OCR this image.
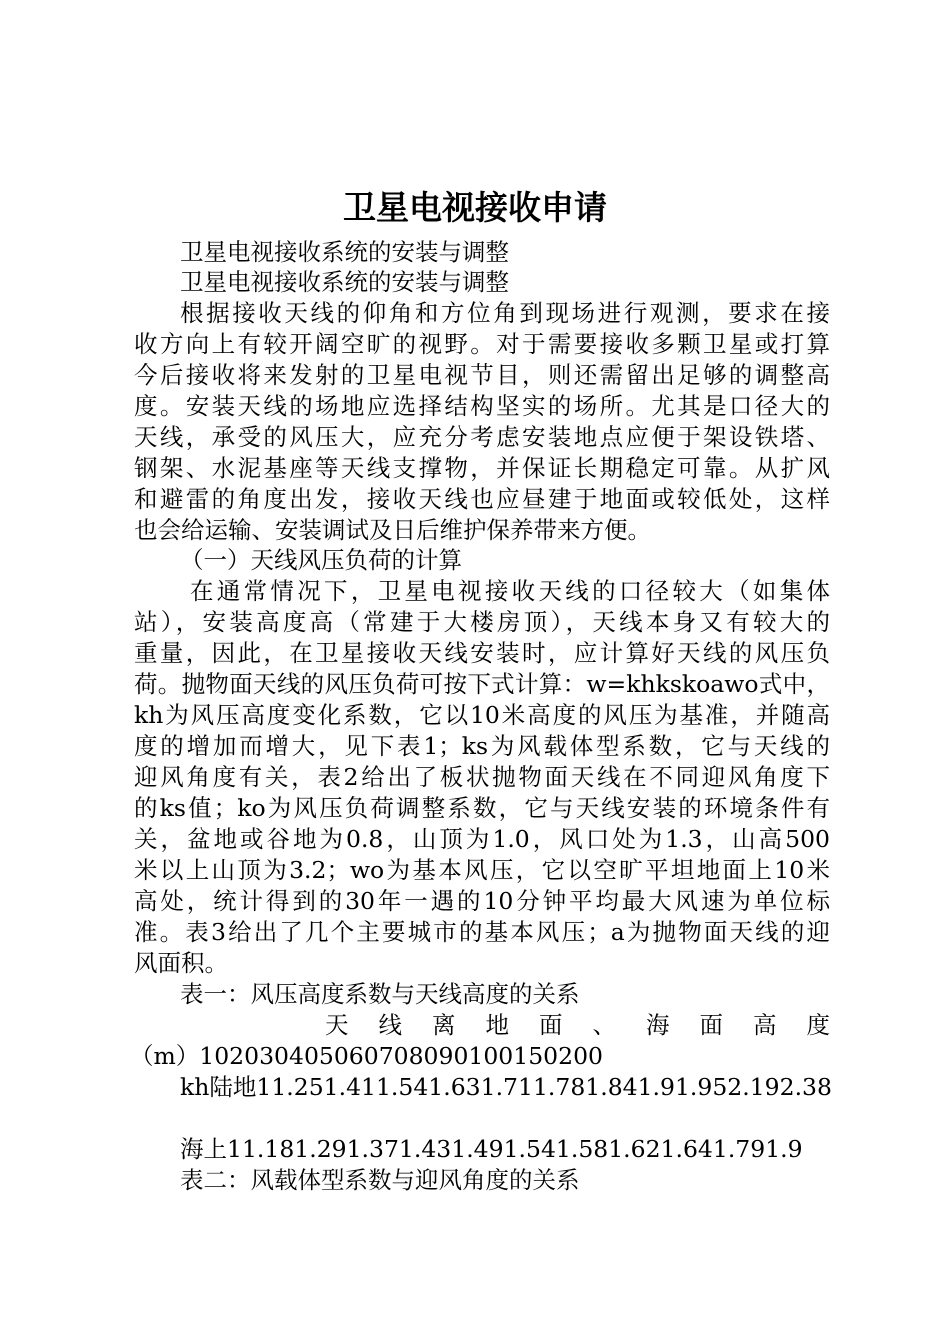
卫星电视接收申请
卫星电视接收系统的安装与调整
卫星电视接收系统的安装与调整
根据接收天线的仰角和方位角到现场进行观测，要求在接
收方向上有较开阔空旷的视野。对于需要接收多颗卫星或打算
今后接收将来发射的卫星电视节目，则还需留出足够的调整高
度。安装天线的场地应选择结构坚实的场所。尤其是口径大的
天线，承受的风压大，应充分考虑安装地点应便于架设铁塔、
钢架、水泥基座等天线支撑物，并保证长期稳定可靠。从扩风
和避雷的角度出发，接收天线也应昼建于地面或较低处，这样
也会给运输、安装调试及日后维护保养带来方便。
（一）天线风压负荷的计算
在通常情况下，卫星电视接收天线的口径较大（如集体
站），安装高度高（常建于大楼房顶），天线本身又有较大的
重量，因此，在卫星接收天线安装时，应计算好天线的风压负
荷。抛物面天线的风压负荷可按下式计算：w=khkskoawo式中，
kh为风压高度变化系数，它以10米高度的风压为基准，并随高
度的增加而增大，见下表1；ks为风载体型系数，它与天线的
迎风角度有关，表2给出了板状抛物面天线在不同迎风角度下
的ks值；ko为风压负荷调整系数，它与天线安装的环境条件有
关，盆地或谷地为0.8，山顶为1.0，风口处为1.3，山高500
米以上山顶为3.2；wo为基本风压，它以空旷平坦地面上10米
高处，统计得到的30年一遇的10分钟平均最大风速为单位标
准。表3给出了几个主要城市的基本风压；a为抛物面天线的迎
风面积。
表一：风压高度系数与天线高度的关系
天 线 离 地 面 、 海 面 高 度
（m）10203040506070809010015020​0
kh陆地11.251.411.541.631.711.781.841.91.952.192.38
海上11.181.291.371.431.491.541.581.621.641.791.9
表二：风载体型系数与迎风角度的关系
